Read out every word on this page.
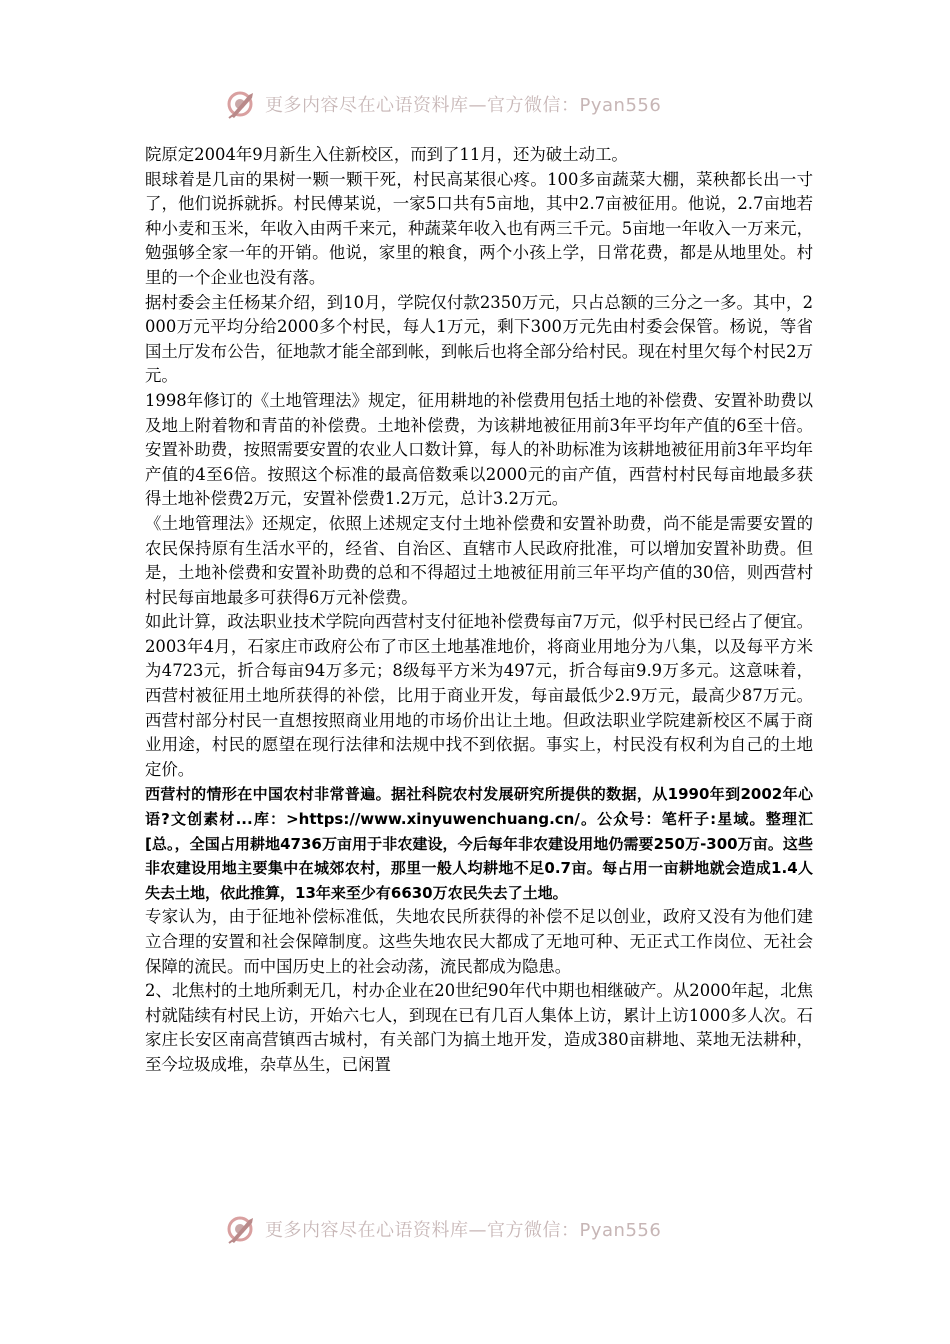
更多内容尽在心语资料库—官方微信：Pyan556

院原定2004年9月新生入住新校区，而到了11月，还为破土动工。

眼球着是几亩的果树一颗一颗干死，村民高某很心疼。100多亩蔬菜大棚，菜秧都长出一寸了，他们说拆就拆。村民傅某说，一家5口共有5亩地，其中2.7亩被征用。他说，2.7亩地若种小麦和玉米，年收入由两千来元，种蔬菜年收入也有两三千元。5亩地一年收入一万来元，勉强够全家一年的开销。他说，家里的粮食，两个小孩上学，日常花费，都是从地里处。村里的一个企业也没有落。

据村委会主任杨某介绍，到10月，学院仅付款2350万元，只占总额的三分之一多。其中，2000万元平均分给2000多个村民，每人1万元，剩下300万元先由村委会保管。杨说，等省国土厅发布公告，征地款才能全部到帐，到帐后也将全部分给村民。现在村里欠每个村民2万元。

1998年修订的《土地管理法》规定，征用耕地的补偿费用包括土地的补偿费、安置补助费以及地上附着物和青苗的补偿费。土地补偿费，为该耕地被征用前3年平均年产值的6至十倍。安置补助费，按照需要安置的农业人口数计算，每人的补助标准为该耕地被征用前3年平均年产值的4至6倍。按照这个标准的最高倍数乘以2000元的亩产值，西营村村民每亩地最多获得土地补偿费2万元，安置补偿费1.2万元，总计3.2万元。

《土地管理法》还规定，依照上述规定支付土地补偿费和安置补助费，尚不能是需要安置的农民保持原有生活水平的，经省、自治区、直辖市人民政府批准，可以增加安置补助费。但是，土地补偿费和安置补助费的总和不得超过土地被征用前三年平均产值的30倍，则西营村村民每亩地最多可获得6万元补偿费。

如此计算，政法职业技术学院向西营村支付征地补偿费每亩7万元，似乎村民已经占了便宜。2003年4月，石家庄市政府公布了市区土地基准地价，将商业用地分为八集，以及每平方米为4723元，折合每亩94万多元；8级每平方米为497元，折合每亩9.9万多元。这意味着，西营村被征用土地所获得的补偿，比用于商业开发，每亩最低少2.9万元，最高少87万元。西营村部分村民一直想按照商业用地的市场价出让土地。但政法职业学院建新校区不属于商业用途，村民的愿望在现行法律和法规中找不到依据。事实上，村民没有权利为自己的土地定价。

西营村的情形在中国农村非常普遍。据社科院农村发展研究所提供的数据，从1990年到2002年心语?文创素材...库：>https://www.xinyuwenchuang.cn/。公众号：笔杆子:星域。整理汇[总。，全国占用耕地4736万亩用于非农建设，今后每年非农建设用地仍需要250万-300万亩。这些非农建设用地主要集中在城郊农村，那里一般人均耕地不足0.7亩。每占用一亩耕地就会造成1.4人失去土地，依此推算，13年来至少有6630万农民失去了土地。

专家认为，由于征地补偿标准低，失地农民所获得的补偿不足以创业，政府又没有为他们建立合理的安置和社会保障制度。这些失地农民大都成了无地可种、无正式工作岗位、无社会保障的流民。而中国历史上的社会动荡，流民都成为隐患。

2、北焦村的土地所剩无几，村办企业在20世纪90年代中期也相继破产。从2000年起，北焦村就陆续有村民上访，开始六七人，到现在已有几百人集体上访，累计上访1000多人次。石家庄长安区南高营镇西古城村，有关部门为搞土地开发，造成380亩耕地、菜地无法耕种，至今垃圾成堆，杂草丛生，已闲置

更多内容尽在心语资料库—官方微信：Pyan556
